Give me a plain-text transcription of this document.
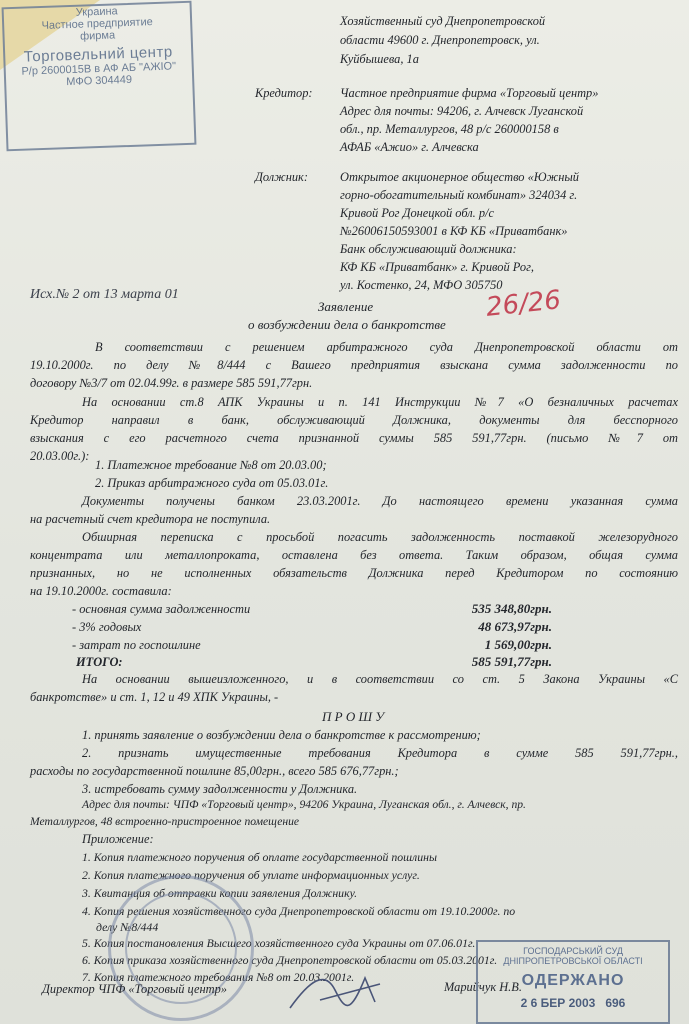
Украина
Частное предприятие
фирма
Торговельний центр
Р/р 2600015В в АФ АБ "АЖІО"
МФО 304449
Хозяйственный суд Днепропетровской
области 49600 г. Днепропетровск, ул.
Куйбышева, 1а
Кредитор: Частное предприятие фирма «Торговый центр»
Адрес для почты: 94206, г. Алчевск Луганской
обл., пр. Металлургов, 48 р/с 260000158 в
АФАБ «Ажио» г. Алчевска
Должник:	Открытое акционерное общество «Южный
горно-обогатительный комбинат» 324034 г.
Кривой Рог Донецкой обл. р/с
№26006150593001 в КФ КБ «Приватбанк»
Банк обслуживающий должника:
КФ КБ «Приватбанк» г. Кривой Рог,
ул. Костенко, 24, МФО 305750
Исх.№ 2 от 13 марта 01	26/26
Заявление
о возбуждении дела о банкротстве
В соответствии с решением арбитражного суда Днепропетровской области от
19.10.2000г. по делу №8/444 с Вашего предприятия взыскана сумма задолженности по
договору №3/7 от 02.04.99г. в размере 585 591,77грн.
На основании ст.8 АПК Украины и п. 141 Инструкции №7 «О безналичных расчетах
Кредитор направил в банк, обслуживающий Должника, документы для бесспорного
взыскания с его расчетного счета признанной суммы 585 591,77грн. (письмо №7 от
20.03.00г.):
1. Платежное требование №8 от 20.03.00;
2. Приказ арбитражного суда от 05.03.01г.
Документы получены банком 23.03.2001г. До настоящего времени указанная сумма
на расчетный счет кредитора не поступила.
Обширная переписка с просьбой погасить задолженность поставкой железорудного
концентрата или металлопроката, оставлена без ответа. Таким образом, общая сумма
признанных, но не исполненных обязательств Должника перед Кредитором по состоянию
на 19.10.2000г. составила:
- основная сумма задолженности	535 348,80грн.
- 3% годовых	48 673,97грн.
- затрат по госпошлине	1 569,00грн.
ИТОГО:	585 591,77грн.
На основании вышеизложенного, и в соответствии со ст. 5 Закона Украины «С
банкротстве» и ст. 1, 12 и 49 ХПК Украины, -
П Р О Ш У
1. принять заявление о возбуждении дела о банкротстве к рассмотрению;
2. признать имущественные требования Кредитора в сумме 585 591,77грн.,
расходы по государственной пошлине 85,00грн., всего 585 676,77грн.;
3. истребовать сумму задолженности у Должника.
Адрес для почты: ЧПФ «Торговый центр», 94206 Украина, Луганская обл., г. Алчевск, пр.
Металлургов, 48 встроенно-пристроенное помещение
Приложение:
1. Копия платежного поручения об оплате государственной пошлины
2. Копия платежного поручения об уплате информационных услуг.
3. Квитанция об отправки копии заявления Должнику.
4. Копия решения хозяйственного суда Днепропетровской области от 19.10.2000г. по
делу №8/444
5. Копия постановления Высшего хозяйственного суда Украины от 07.06.01г.
6. Копия приказа хозяйственного суда Днепропетровской области от 05.03.2001г.
7. Копия платежного требования №8 от 20.03.2001г.
Директор ЧПФ «Торговый центр»	Марийчук Н.В.
ГОСПОДАРСЬКИЙ СУД ДНІПРОПЕТРОВСЬКОЇ ОБЛАСТІ
ОДЕРЖАНО
2 6 БЕР 2003 696
